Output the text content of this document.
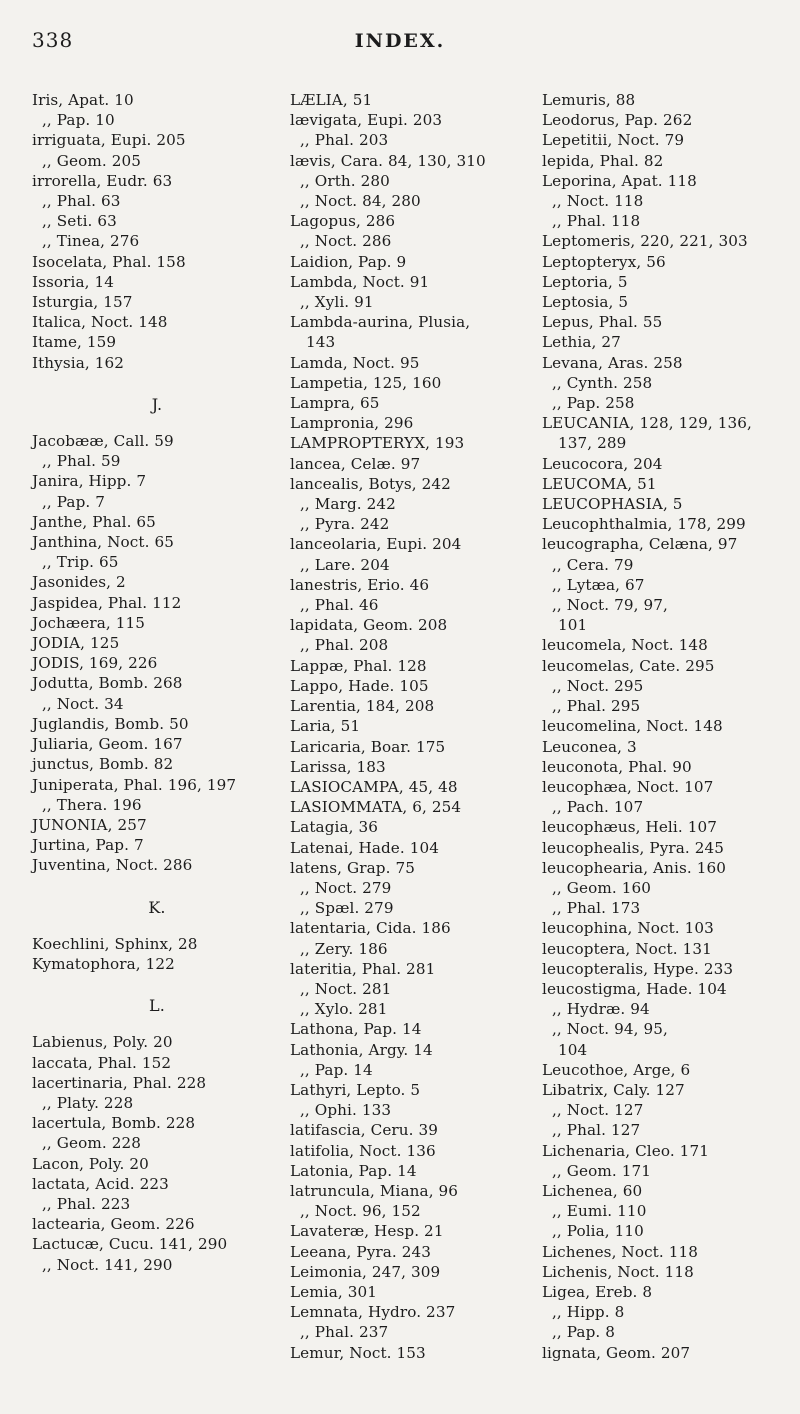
338	INDEX.
Iris, Apat. 10
,, Pap. 10
irriguata, Eupi. 205
,, Geom. 205
irrorella, Eudr. 63
,, Phal. 63
,, Seti. 63
,, Tinea, 276
Isocelata, Phal. 158
Issoria, 14
Isturgia, 157
Italica, Noct. 148
Itame, 159
Ithysia, 162
J.
Jacobææ, Call. 59
,, Phal. 59
Janira, Hipp. 7
,, Pap. 7
Janthe, Phal. 65
Janthina, Noct. 65
,, Trip. 65
Jasonides, 2
Jaspidea, Phal. 112
Jochæera, 115
JODIA, 125
JODIS, 169, 226
Jodutta, Bomb. 268
,, Noct. 34
Juglandis, Bomb. 50
Juliaria, Geom. 167
junctus, Bomb. 82
Juniperata, Phal. 196, 197
,, Thera. 196
JUNONIA, 257
Jurtina, Pap. 7
Juventina, Noct. 286
K.
Koechlini, Sphinx, 28
Kymatophora, 122
L.
Labienus, Poly. 20
laccata, Phal. 152
lacertinaria, Phal. 228
,, Platy. 228
lacertula, Bomb. 228
,, Geom. 228
Lacon, Poly. 20
lactata, Acid. 223
,, Phal. 223
lactearia, Geom. 226
Lactucæ, Cucu. 141, 290
,, Noct. 141, 290
LÆLIA, 51
lævigata, Eupi. 203
,, Phal. 203
lævis, Cara. 84, 130, 310
,, Orth. 280
,, Noct. 84, 280
Lagopus, 286
,, Noct. 286
Laidion, Pap. 9
Lambda, Noct. 91
,, Xyli. 91
Lambda-aurina, Plusia,
143
Lamda, Noct. 95
Lampetia, 125, 160
Lampra, 65
Lampronia, 296
LAMPROPTERYX, 193
lancea, Celæ. 97
lancealis, Botys, 242
,, Marg. 242
,, Pyra. 242
lanceolaria, Eupi. 204
,, Lare. 204
lanestris, Erio. 46
,, Phal. 46
lapidata, Geom. 208
,, Phal. 208
Lappæ, Phal. 128
Lappo, Hade. 105
Larentia, 184, 208
Laria, 51
Laricaria, Boar. 175
Larissa, 183
LASIOCAMPA, 45, 48
LASIOMMATA, 6, 254
Latagia, 36
Latenai, Hade. 104
latens, Grap. 75
,, Noct. 279
,, Spæl. 279
latentaria, Cida. 186
,, Zery. 186
lateritia, Phal. 281
,, Noct. 281
,, Xylo. 281
Lathona, Pap. 14
Lathonia, Argy. 14
,, Pap. 14
Lathyri, Lepto. 5
,, Ophi. 133
latifascia, Ceru. 39
latifolia, Noct. 136
Latonia, Pap. 14
latruncula, Miana, 96
,, Noct. 96, 152
Lavateræ, Hesp. 21
Leeana, Pyra. 243
Leimonia, 247, 309
Lemia, 301
Lemnata, Hydro. 237
,, Phal. 237
Lemur, Noct. 153
Lemuris, 88
Leodorus, Pap. 262
Lepetitii, Noct. 79
lepida, Phal. 82
Leporina, Apat. 118
,, Noct. 118
,, Phal. 118
Leptomeris, 220, 221, 303
Leptopteryx, 56
Leptoria, 5
Leptosia, 5
Lepus, Phal. 55
Lethia, 27
Levana, Aras. 258
,, Cynth. 258
,, Pap. 258
LEUCANIA, 128, 129, 136,
137, 289
Leucocora, 204
LEUCOMA, 51
LEUCOPHASIA, 5
Leucophthalmia, 178, 299
leucographa, Celæna, 97
,, Cera. 79
,, Lytæa, 67
,, Noct. 79, 97,
101
leucomela, Noct. 148
leucomelas, Cate. 295
,, Noct. 295
,, Phal. 295
leucomelina, Noct. 148
Leuconea, 3
leuconota, Phal. 90
leucophæa, Noct. 107
,, Pach. 107
leucophæus, Heli. 107
leucophealis, Pyra. 245
leucophearia, Anis. 160
,, Geom. 160
,, Phal. 173
leucophina, Noct. 103
leucoptera, Noct. 131
leucopteralis, Hype. 233
leucostigma, Hade. 104
,, Hydræ. 94
,, Noct. 94, 95,
104
Leucothoe, Arge, 6
Libatrix, Caly. 127
,, Noct. 127
,, Phal. 127
Lichenaria, Cleo. 171
,, Geom. 171
Lichenea, 60
,, Eumi. 110
,, Polia, 110
Lichenes, Noct. 118
Lichenis, Noct. 118
Ligea, Ereb. 8
,, Hipp. 8
,, Pap. 8
lignata, Geom. 207
